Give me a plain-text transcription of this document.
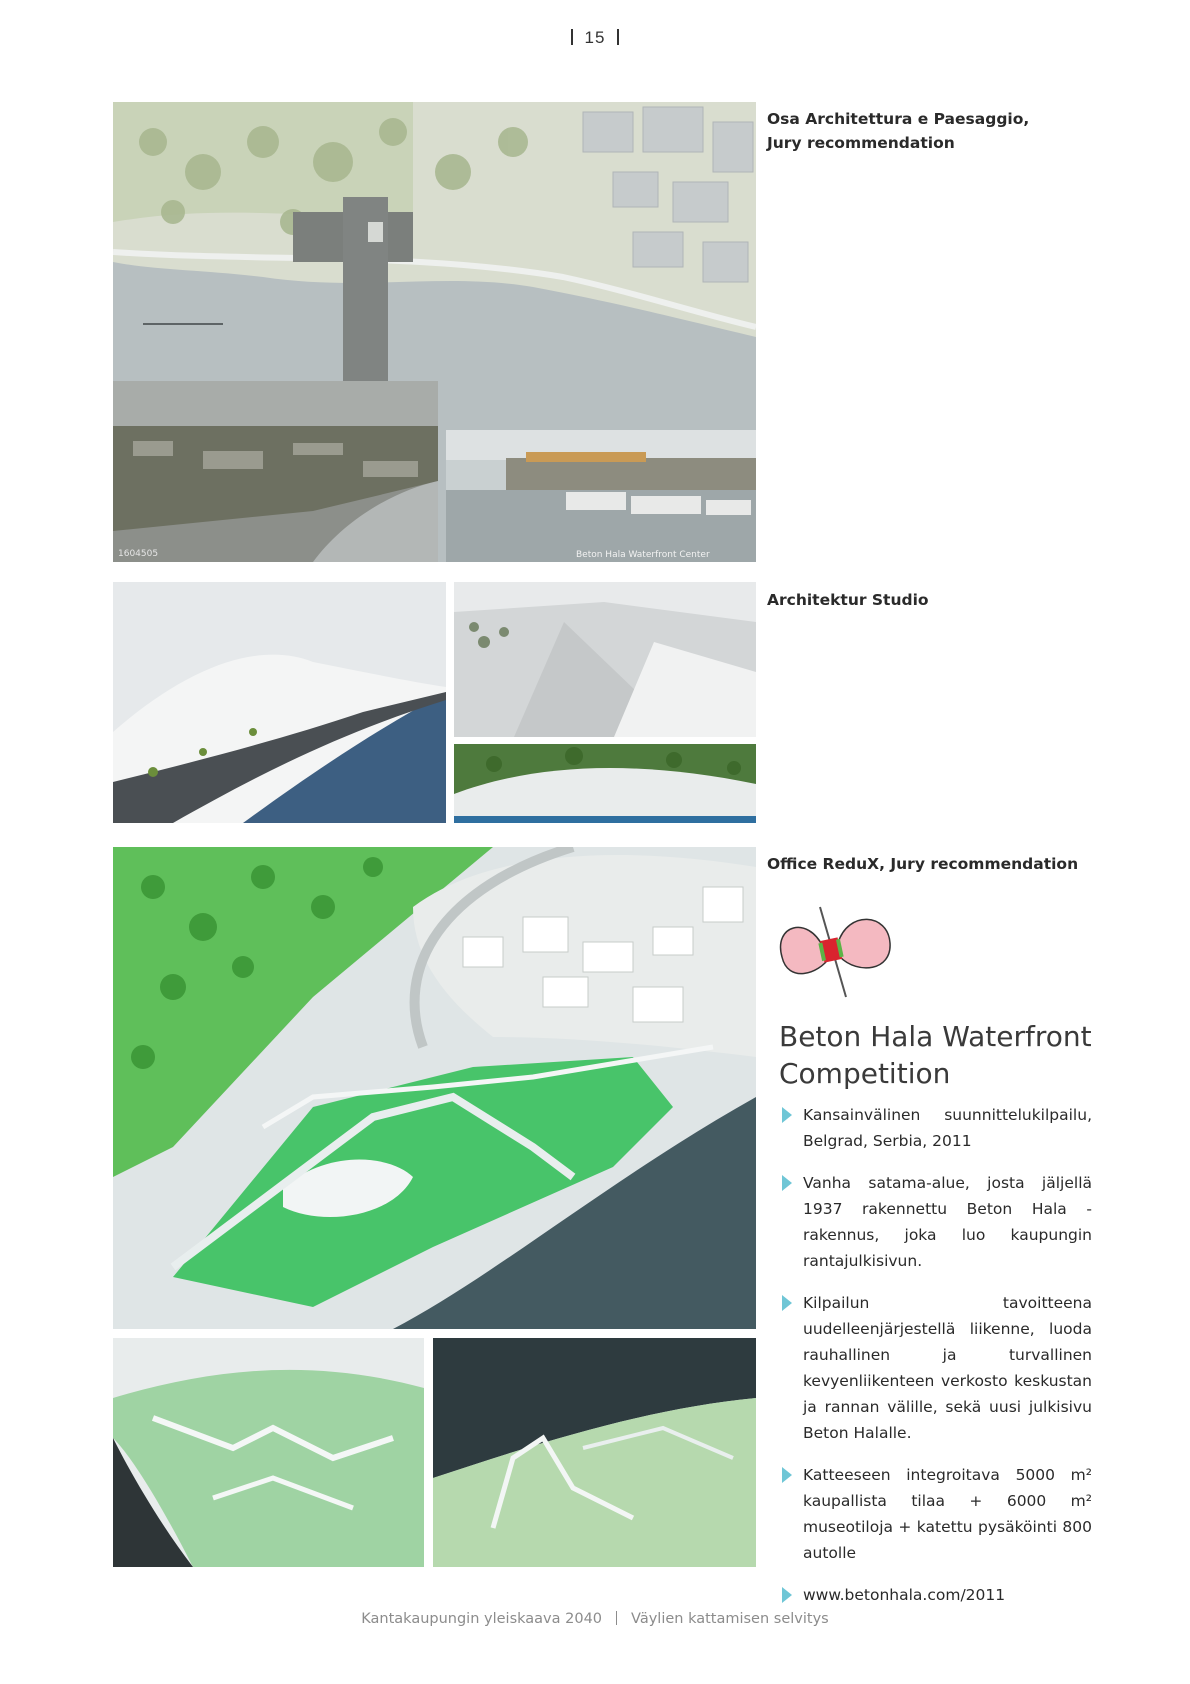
15
1604505	Beton Hala Waterfront Center
Osa Architettura e Paesaggio,
Jury recommendation
Architektur Studio
Office ReduX, Jury recommendation
Beton Hala Waterfront
Competition
Kansainvälinen suunnittelukilpailu, Belgrad, Serbia, 2011
Vanha satama-alue, josta jäljellä 1937 rakennettu Beton Hala -rakennus, joka luo kaupungin rantajulkisivun.
Kilpailun tavoitteena uudelleenjärjestellä liikenne, luoda rauhallinen ja turvallinen kevyenliikenteen verkosto keskustan ja rannan välille, sekä uusi julkisivu Beton Halalle.
Katteeseen integroitava 5000 m² kaupallista tilaa + 6000 m² museotiloja + katettu pysäköinti 800 autolle
www.betonhala.com/2011
Kantakaupungin yleiskaava 2040 Väylien kattamisen selvitys
